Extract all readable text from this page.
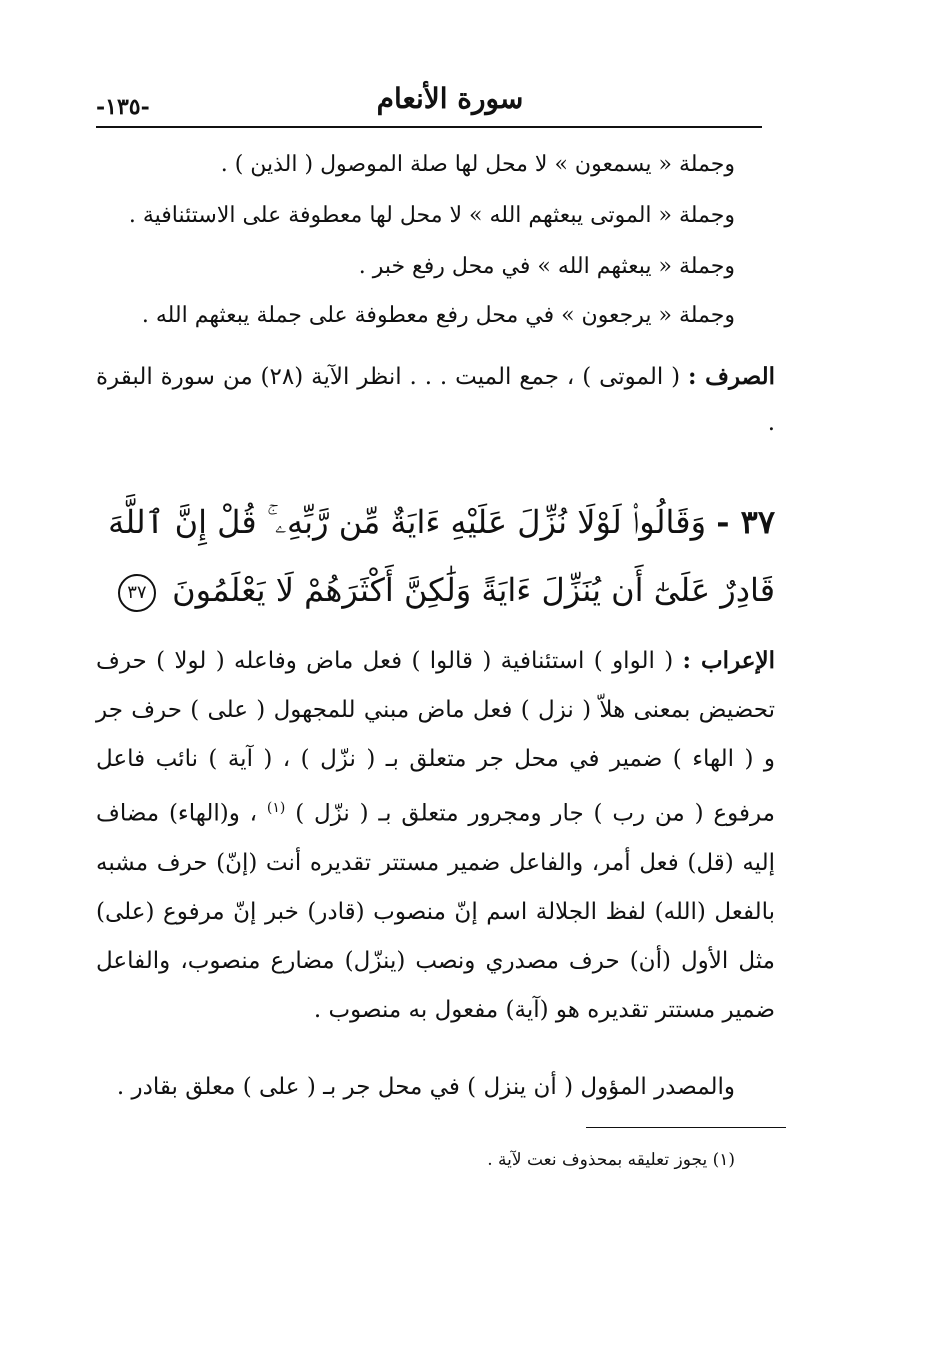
-١٣٥-	سورة الأنعام
وجملة « يسمعون » لا محل لها صلة الموصول ( الذين ) .
وجملة « الموتى يبعثهم الله » لا محل لها معطوفة على الاستئنافية .
وجملة « يبعثهم الله » في محل رفع خبر .
وجملة « يرجعون » في محل رفع معطوفة على جملة يبعثهم الله .
الصرف : ( الموتى ) ، جمع الميت . . . انظر الآية (٢٨) من سورة البقرة .
٣٧ - وَقَالُوا۟ لَوْلَا نُزِّلَ عَلَيْهِ ءَايَةٌ مِّن رَّبِّهِۦ ۚ قُلْ إِنَّ ٱللَّهَ قَادِرٌ عَلَىٰٓ أَن يُنَزِّلَ ءَايَةً وَلَٰكِنَّ أَكْثَرَهُمْ لَا يَعْلَمُونَ ٣٧
الإعراب : ( الواو ) استئنافية ( قالوا ) فعل ماض وفاعله ( لولا ) حرف تحضيض بمعنى هلاّ ( نزل ) فعل ماض مبني للمجهول ( على ) حرف جر و ( الهاء ) ضمير في محل جر متعلق بـ ( نزّل ) ، ( آية ) نائب فاعل مرفوع ( من رب ) جار ومجرور متعلق بـ ( نزّل ) $^{(١)}$ ، و(الهاء) مضاف إليه (قل) فعل أمر، والفاعل ضمير مستتر تقديره أنت (إنّ) حرف مشبه بالفعل (الله) لفظ الجلالة اسم إنّ منصوب (قادر) خبر إنّ مرفوع (على) مثل الأول (أن) حرف مصدري ونصب (ينزّل) مضارع منصوب، والفاعل ضمير مستتر تقديره هو (آية) مفعول به منصوب .
والمصدر المؤول ( أن ينزل ) في محل جر بـ ( على ) معلق بقادر .
(١) يجوز تعليقه بمحذوف نعت لآية .
